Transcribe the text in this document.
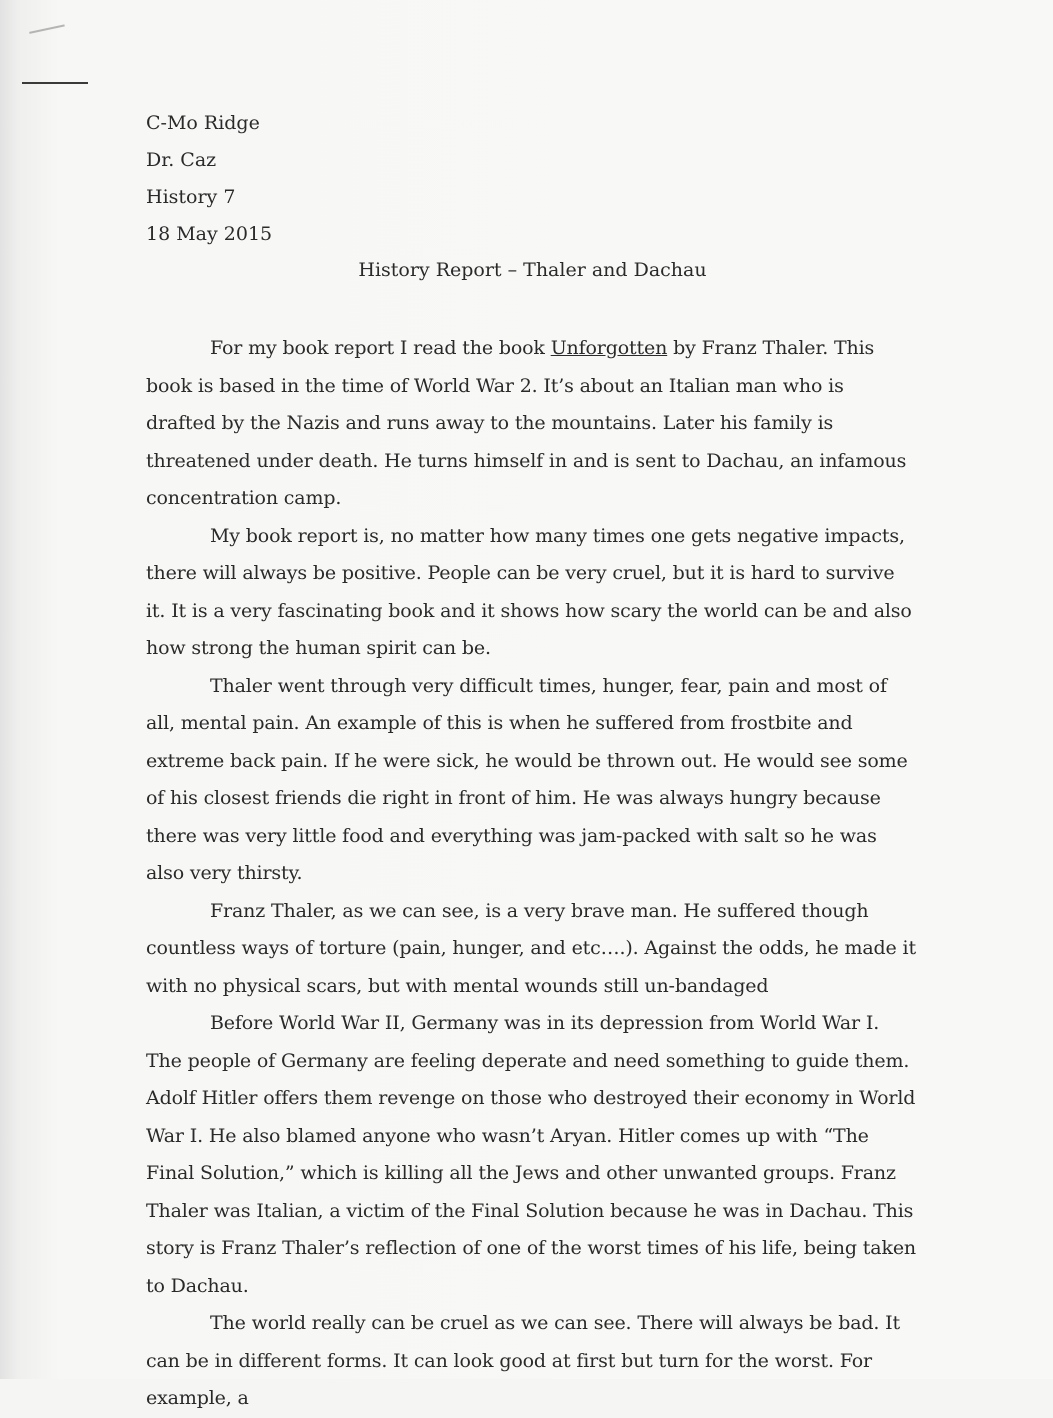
C-Mo Ridge
Dr. Caz
History 7
18 May 2015
History Report – Thaler and Dachau

For my book report I read the book Unforgotten by Franz Thaler. This book is based in the time of World War 2. It’s about an Italian man who is drafted by the Nazis and runs away to the mountains. Later his family is threatened under death. He turns himself in and is sent to Dachau, an infamous concentration camp.

My book report is, no matter how many times one gets negative impacts, there will always be positive. People can be very cruel, but it is hard to survive it. It is a very fascinating book and it shows how scary the world can be and also how strong the human spirit can be.

Thaler went through very difficult times, hunger, fear, pain and most of all, mental pain. An example of this is when he suffered from frostbite and extreme back pain. If he were sick, he would be thrown out. He would see some of his closest friends die right in front of him. He was always hungry because there was very little food and everything was jam-packed with salt so he was also very thirsty.

Franz Thaler, as we can see, is a very brave man. He suffered though countless ways of torture (pain, hunger, and etc….). Against the odds, he made it with no physical scars, but with mental wounds still un-bandaged

Before World War II, Germany was in its depression from World War I. The people of Germany are feeling deperate and need something to guide them. Adolf Hitler offers them revenge on those who destroyed their economy in World War I. He also blamed anyone who wasn’t Aryan. Hitler comes up with “The Final Solution,” which is killing all the Jews and other unwanted groups. Franz Thaler was Italian, a victim of the Final Solution because he was in Dachau. This story is Franz Thaler’s reflection of one of the worst times of his life, being taken to Dachau.

The world really can be cruel as we can see. There will always be bad. It can be in different forms. It can look good at first but turn for the worst. For example, a
